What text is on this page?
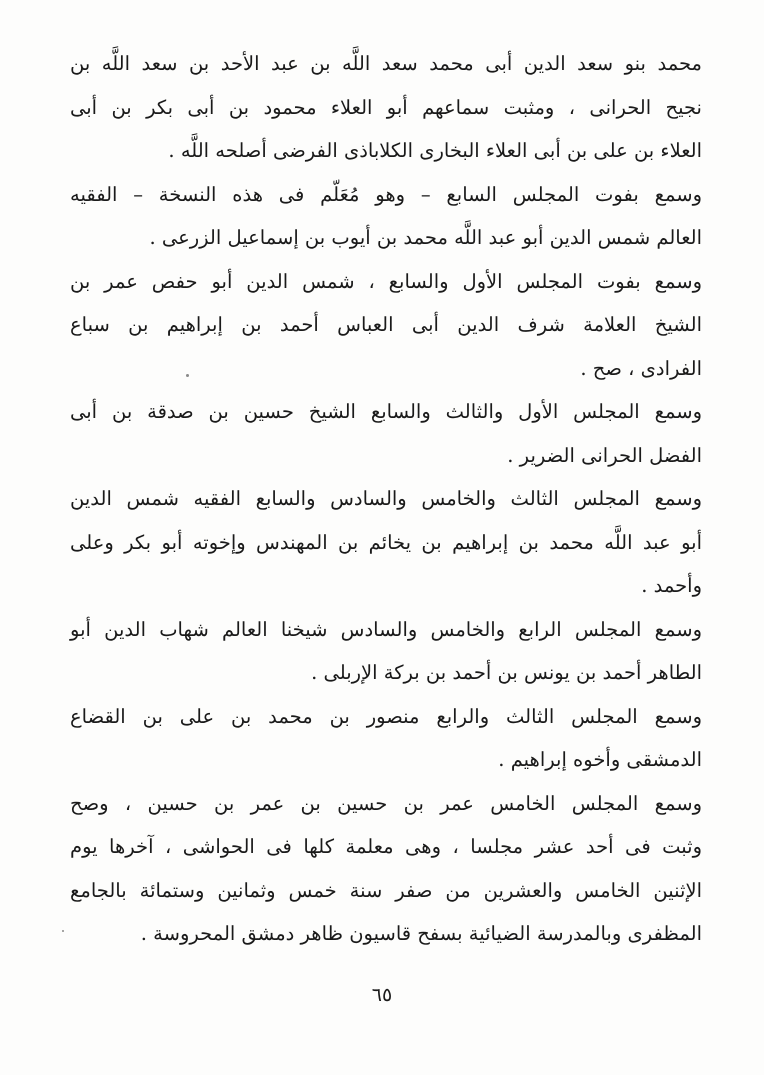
محمد بنو سعد الدين أبى محمد سعد اللَّه بن عبد الأحد بن سعد اللَّه بن
نجيح الحرانى ، ومثبت سماعهم أبو العلاء محمود بن أبى بكر بن أبى
العلاء بن على بن أبى العلاء البخارى الكلاباذى الفرضى أصلحه اللَّه .
وسمع بفوت المجلس السابع – وهو مُعَلّم فى هذه النسخة – الفقيه
العالم شمس الدين أبو عبد اللَّه محمد بن أيوب بن إسماعيل الزرعى .
وسمع بفوت المجلس الأول والسابع ، شمس الدين أبو حفص عمر بن
الشيخ العلامة شرف الدين أبى العباس أحمد بن إبراهيم بن سباع
الفرادى ، صح .
وسمع المجلس الأول والثالث والسابع الشيخ حسين بن صدقة بن أبى
الفضل الحرانى الضرير .
وسمع المجلس الثالث والخامس والسادس والسابع الفقيه شمس الدين
أبو عبد اللَّه محمد بن إبراهيم بن يخائم بن المهندس وإخوته أبو بكر وعلى
وأحمد .
وسمع المجلس الرابع والخامس والسادس شيخنا العالم شهاب الدين أبو
الطاهر أحمد بن يونس بن أحمد بن بركة الإربلى .
وسمع المجلس الثالث والرابع منصور بن محمد بن على بن القضاع
الدمشقى وأخوه إبراهيم .
وسمع المجلس الخامس عمر بن حسين بن عمر بن حسين ، وصح
وثبت فى أحد عشر مجلسا ، وهى معلمة كلها فى الحواشى ، آخرها يوم
الإثنين الخامس والعشرين من صفر سنة خمس وثمانين وستمائة بالجامع
المظفرى وبالمدرسة الضيائية بسفح قاسيون ظاهر دمشق المحروسة .
٦٥
